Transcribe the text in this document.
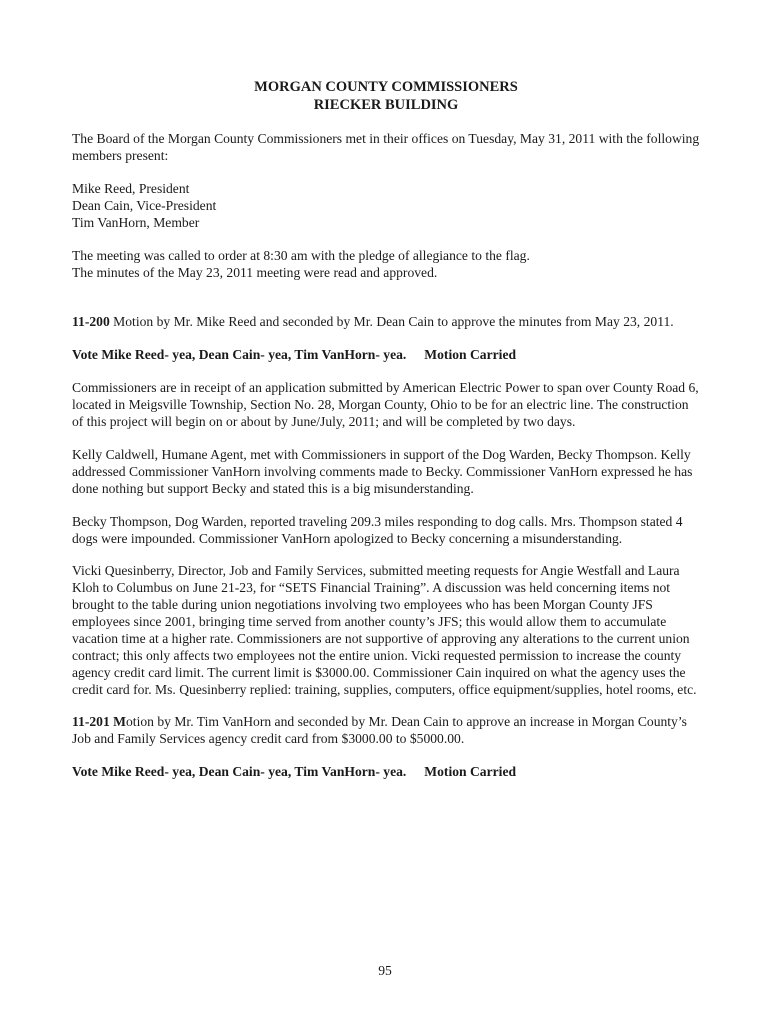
MORGAN COUNTY COMMISSIONERS
RIECKER BUILDING

The Board of the Morgan County Commissioners met in their offices on Tuesday, May 31, 2011 with the following members present:

Mike Reed, President
Dean Cain, Vice-President
Tim VanHorn, Member
The meeting was called to order at 8:30 am with the pledge of allegiance to the flag.
The minutes of the May 23, 2011 meeting were read and approved.

11-200 Motion by Mr. Mike Reed and seconded by Mr. Dean Cain to approve the minutes from May 23, 2011.

Vote Mike Reed- yea, Dean Cain- yea, Tim VanHorn- yea. Motion Carried

Commissioners are in receipt of an application submitted by American Electric Power to span over County Road 6, located in Meigsville Township, Section No. 28, Morgan County, Ohio to be for an electric line. The construction of this project will begin on or about by June/July, 2011; and will be completed by two days.

Kelly Caldwell, Humane Agent, met with Commissioners in support of the Dog Warden, Becky Thompson. Kelly addressed Commissioner VanHorn involving comments made to Becky. Commissioner VanHorn expressed he has done nothing but support Becky and stated this is a big misunderstanding.

Becky Thompson, Dog Warden, reported traveling 209.3 miles responding to dog calls. Mrs. Thompson stated 4 dogs were impounded. Commissioner VanHorn apologized to Becky concerning a misunderstanding.

Vicki Quesinberry, Director, Job and Family Services, submitted meeting requests for Angie Westfall and Laura Kloh to Columbus on June 21-23, for “SETS Financial Training”. A discussion was held concerning items not brought to the table during union negotiations involving two employees who has been Morgan County JFS employees since 2001, bringing time served from another county’s JFS; this would allow them to accumulate vacation time at a higher rate. Commissioners are not supportive of approving any alterations to the current union contract; this only affects two employees not the entire union. Vicki requested permission to increase the county agency credit card limit. The current limit is $3000.00. Commissioner Cain inquired on what the agency uses the credit card for. Ms. Quesinberry replied: training, supplies, computers, office equipment/supplies, hotel rooms, etc.

11-201 Motion by Mr. Tim VanHorn and seconded by Mr. Dean Cain to approve an increase in Morgan County’s Job and Family Services agency credit card from $3000.00 to $5000.00.

Vote Mike Reed- yea, Dean Cain- yea, Tim VanHorn- yea. Motion Carried

95
